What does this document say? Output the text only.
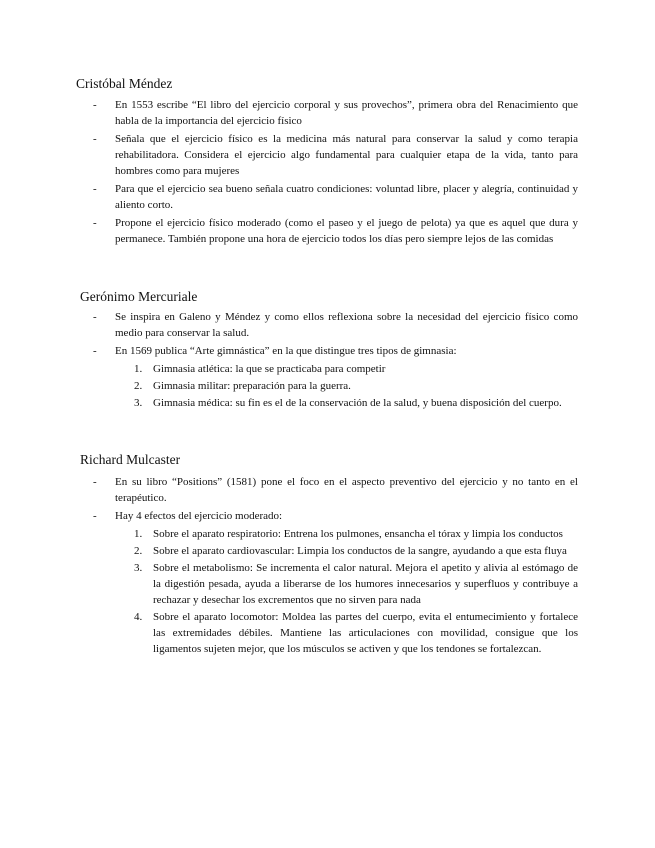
Cristóbal Méndez
- En 1553 escribe “El libro del ejercicio corporal y sus provechos”, primera obra del Renacimiento que habla de la importancia del ejercicio físico
- Señala que el ejercicio físico es la medicina más natural para conservar la salud y como terapia rehabilitadora. Considera el ejercicio algo fundamental para cualquier etapa de la vida, tanto para hombres como para mujeres
- Para que el ejercicio sea bueno señala cuatro condiciones: voluntad libre, placer y alegría, continuidad y aliento corto.
- Propone el ejercicio físico moderado (como el paseo y el juego de pelota) ya que es aquel que dura y permanece. También propone una hora de ejercicio todos los días pero siempre lejos de las comidas
Gerónimo Mercuriale
- Se inspira en Galeno y Méndez y como ellos reflexiona sobre la necesidad del ejercicio físico como medio para conservar la salud.
- En 1569 publica “Arte gimnástica” en la que distingue tres tipos de gimnasia:
1. Gimnasia atlética: la que se practicaba para competir
2. Gimnasia militar: preparación para la guerra.
3. Gimnasia médica: su fin es el de la conservación de la salud, y buena disposición del cuerpo.
Richard Mulcaster
- En su libro “Positions” (1581) pone el foco en el aspecto preventivo del ejercicio y no tanto en el terapéutico.
- Hay 4 efectos del ejercicio moderado:
1. Sobre el aparato respiratorio: Entrena los pulmones, ensancha el tórax y limpia los conductos
2. Sobre el aparato cardiovascular: Limpia los conductos de la sangre, ayudando a que esta fluya
3. Sobre el metabolismo: Se incrementa el calor natural. Mejora el apetito y alivia al estómago de la digestión pesada, ayuda a liberarse de los humores innecesarios y superfluos y contribuye a rechazar y desechar los excrementos que no sirven para nada
4. Sobre el aparato locomotor: Moldea las partes del cuerpo, evita el entumecimiento y fortalece las extremidades débiles. Mantiene las articulaciones con movilidad, consigue que los ligamentos sujeten mejor, que los músculos se activen y que los tendones se fortalezcan.
